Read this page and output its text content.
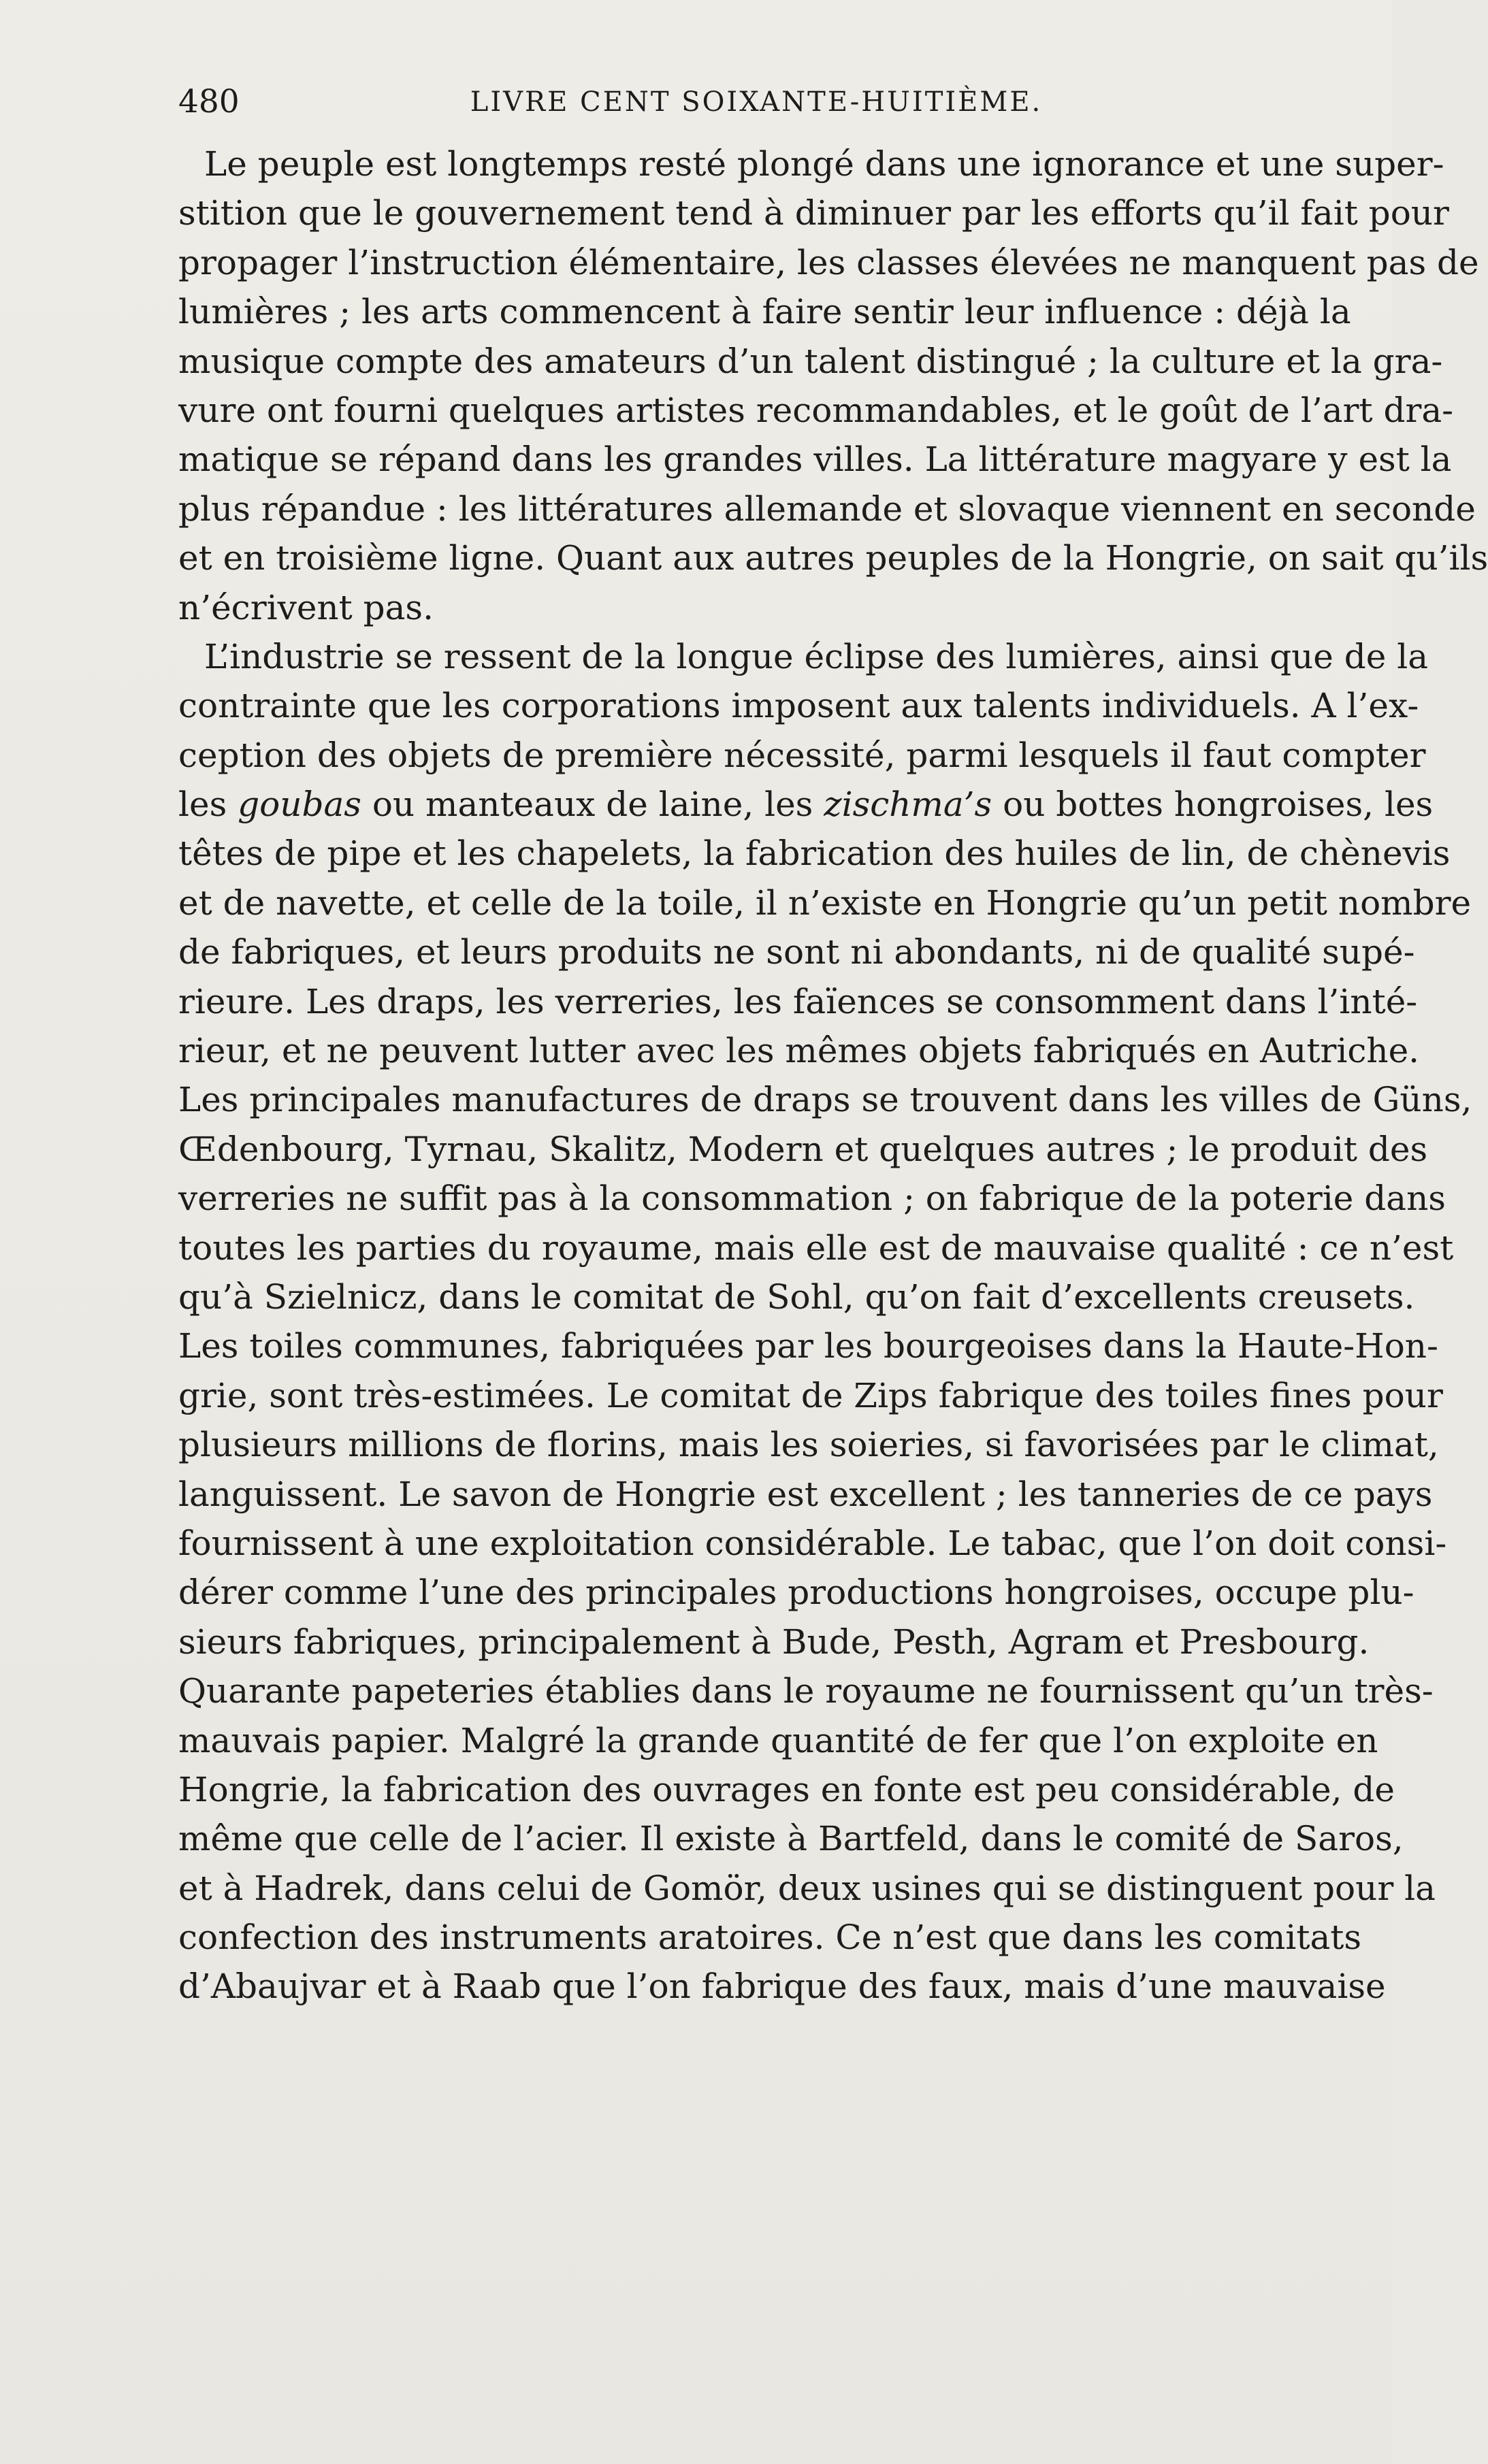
480	LIVRE CENT SOIXANTE-HUITIÈME.
Le peuple est longtemps resté plongé dans une ignorance et une super-
stition que le gouvernement tend à diminuer par les efforts qu’il fait pour
propager l’instruction élémentaire, les classes élevées ne manquent pas de
lumières ; les arts commencent à faire sentir leur influence : déjà la
musique compte des amateurs d’un talent distingué ; la culture et la gra-
vure ont fourni quelques artistes recommandables, et le goût de l’art dra-
matique se répand dans les grandes villes. La littérature magyare y est la
plus répandue : les littératures allemande et slovaque viennent en seconde
et en troisième ligne. Quant aux autres peuples de la Hongrie, on sait qu’ils
n’écrivent pas.
L’industrie se ressent de la longue éclipse des lumières, ainsi que de la
contrainte que les corporations imposent aux talents individuels. A l’ex-
ception des objets de première nécessité, parmi lesquels il faut compter
les goubas ou manteaux de laine, les zischma’s ou bottes hongroises, les
têtes de pipe et les chapelets, la fabrication des huiles de lin, de chènevis
et de navette, et celle de la toile, il n’existe en Hongrie qu’un petit nombre
de fabriques, et leurs produits ne sont ni abondants, ni de qualité supé-
rieure. Les draps, les verreries, les faïences se consomment dans l’inté-
rieur, et ne peuvent lutter avec les mêmes objets fabriqués en Autriche.
Les principales manufactures de draps se trouvent dans les villes de Güns,
Œdenbourg, Tyrnau, Skalitz, Modern et quelques autres ; le produit des
verreries ne suffit pas à la consommation ; on fabrique de la poterie dans
toutes les parties du royaume, mais elle est de mauvaise qualité : ce n’est
qu’à Szielnicz, dans le comitat de Sohl, qu’on fait d’excellents creusets.
Les toiles communes, fabriquées par les bourgeoises dans la Haute-Hon-
grie, sont très-estimées. Le comitat de Zips fabrique des toiles fines pour
plusieurs millions de florins, mais les soieries, si favorisées par le climat,
languissent. Le savon de Hongrie est excellent ; les tanneries de ce pays
fournissent à une exploitation considérable. Le tabac, que l’on doit consi-
dérer comme l’une des principales productions hongroises, occupe plu-
sieurs fabriques, principalement à Bude, Pesth, Agram et Presbourg.
Quarante papeteries établies dans le royaume ne fournissent qu’un très-
mauvais papier. Malgré la grande quantité de fer que l’on exploite en
Hongrie, la fabrication des ouvrages en fonte est peu considérable, de
même que celle de l’acier. Il existe à Bartfeld, dans le comité de Saros,
et à Hadrek, dans celui de Gomör, deux usines qui se distinguent pour la
confection des instruments aratoires. Ce n’est que dans les comitats
d’Abaujvar et à Raab que l’on fabrique des faux, mais d’une mauvaise
